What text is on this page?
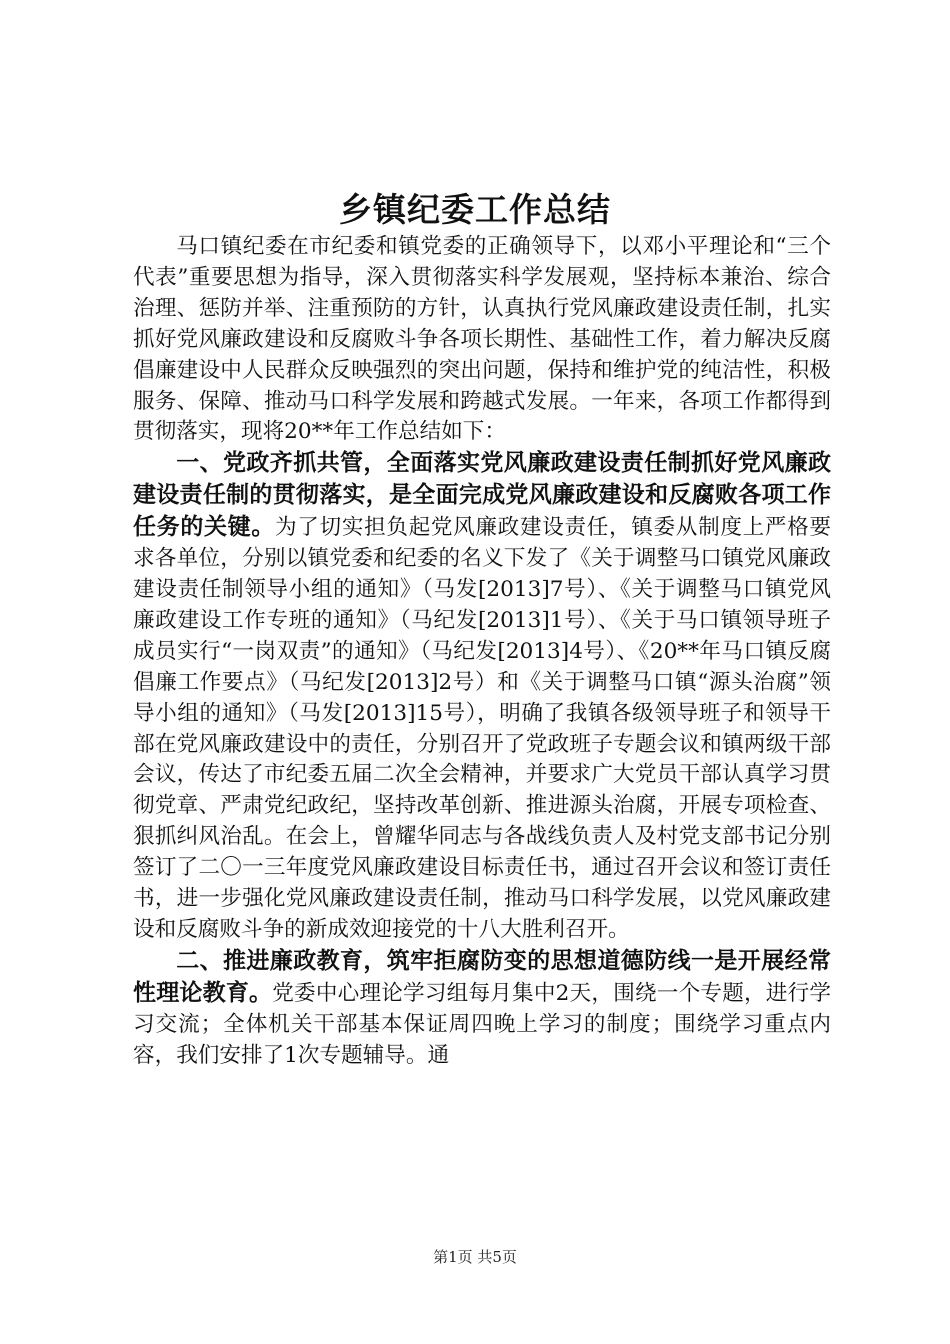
乡镇纪委工作总结

马口镇纪委在市纪委和镇党委的正确领导下，以邓小平理论和“三个代表”重要思想为指导，深入贯彻落实科学发展观，坚持标本兼治、综合治理、惩防并举、注重预防的方针，认真执行党风廉政建设责任制，扎实抓好党风廉政建设和反腐败斗争各项长期性、基础性工作，着力解决反腐倡廉建设中人民群众反映强烈的突出问题，保持和维护党的纯洁性，积极服务、保障、推动马口科学发展和跨越式发展。一年来，各项工作都得到贯彻落实，现将20**年工作总结如下：

一、党政齐抓共管，全面落实党风廉政建设责任制抓好党风廉政建设责任制的贯彻落实，是全面完成党风廉政建设和反腐败各项工作任务的关键。为了切实担负起党风廉政建设责任，镇委从制度上严格要求各单位，分别以镇党委和纪委的名义下发了《关于调整马口镇党风廉政建设责任制领导小组的通知》（马发[2013]7号）、《关于调整马口镇党风廉政建设工作专班的通知》（马纪发[2013]1号）、《关于马口镇领导班子成员实行“一岗双责”的通知》（马纪发[2013]4号）、《20**年马口镇反腐倡廉工作要点》（马纪发[2013]2号）和《关于调整马口镇“源头治腐”领导小组的通知》（马发[2013]15号），明确了我镇各级领导班子和领导干部在党风廉政建设中的责任，分别召开了党政班子专题会议和镇两级干部会议，传达了市纪委五届二次全会精神，并要求广大党员干部认真学习贯彻党章、严肃党纪政纪，坚持改革创新、推进源头治腐，开展专项检查、狠抓纠风治乱。在会上，曾耀华同志与各战线负责人及村党支部书记分别签订了二〇一三年度党风廉政建设目标责任书，通过召开会议和签订责任书，进一步强化党风廉政建设责任制，推动马口科学发展，以党风廉政建设和反腐败斗争的新成效迎接党的十八大胜利召开。

二、推进廉政教育，筑牢拒腐防变的思想道德防线一是开展经常性理论教育。党委中心理论学习组每月集中2天，围绕一个专题，进行学习交流；全体机关干部基本保证周四晚上学习的制度；围绕学习重点内容，我们安排了1次专题辅导。通

第1页 共5页
